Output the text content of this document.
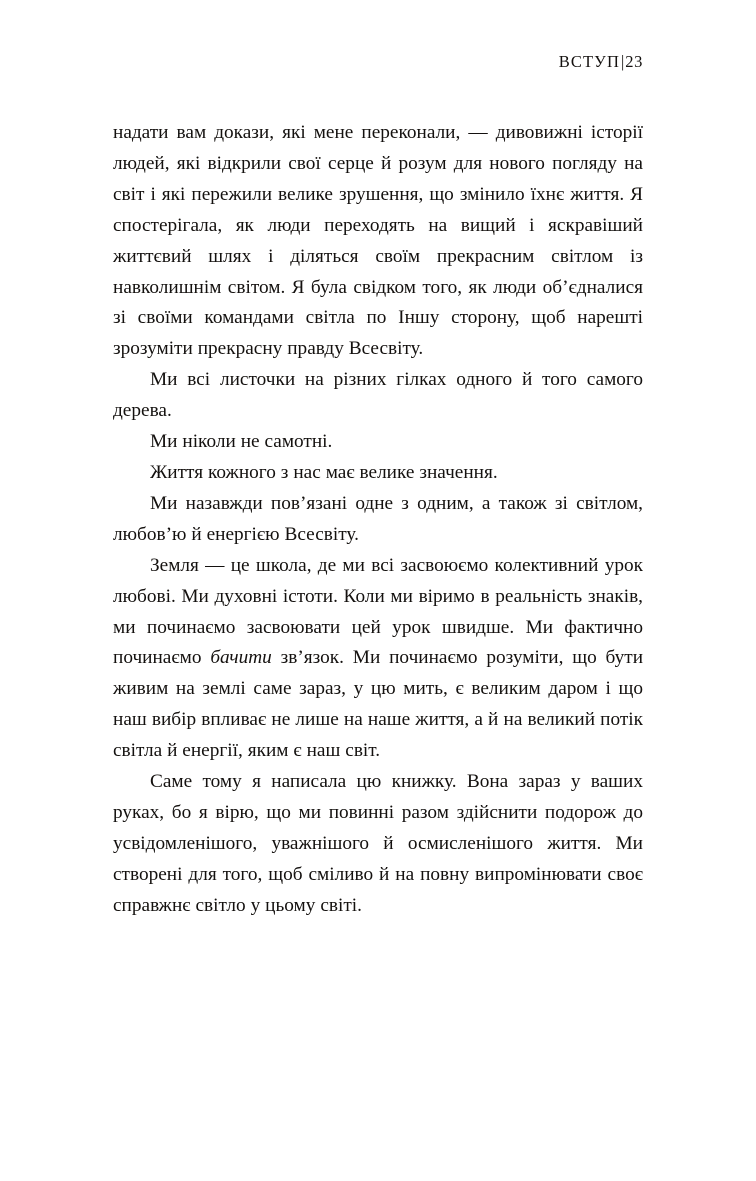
ВСТУП|23

надати вам докази, які мене переконали, — дивовижні історії людей, які відкрили свої серце й розум для нового погляду на світ і які пережили велике зрушення, що змінило їхнє життя. Я спостерігала, як люди переходять на вищий і яскравіший життєвий шлях і діляться своїм прекрасним світлом із навколишнім світом. Я була свідком того, як люди об’єдналися зі своїми командами світла по Іншу сторону, щоб нарешті зрозуміти прекрасну правду Всесвіту.

Ми всі листочки на різних гілках одного й того самого дерева.

Ми ніколи не самотні.

Життя кожного з нас має велике значення.

Ми назавжди пов’язані одне з одним, а також зі світлом, любов’ю й енергією Всесвіту.

Земля — це школа, де ми всі засвоюємо колективний урок любові. Ми духовні істоти. Коли ми віримо в реальність знаків, ми починаємо засвоювати цей урок швидше. Ми фактично починаємо бачити зв’язок. Ми починаємо розуміти, що бути живим на землі саме зараз, у цю мить, є великим даром і що наш вибір впливає не лише на наше життя, а й на великий потік світла й енергії, яким є наш світ.

Саме тому я написала цю книжку. Вона зараз у ваших руках, бо я вірю, що ми повинні разом здійснити подорож до усвідомленішого, уважнішого й осмисленішого життя. Ми створені для того, щоб сміливо й на повну випромінювати своє справжнє світло у цьому світі.
